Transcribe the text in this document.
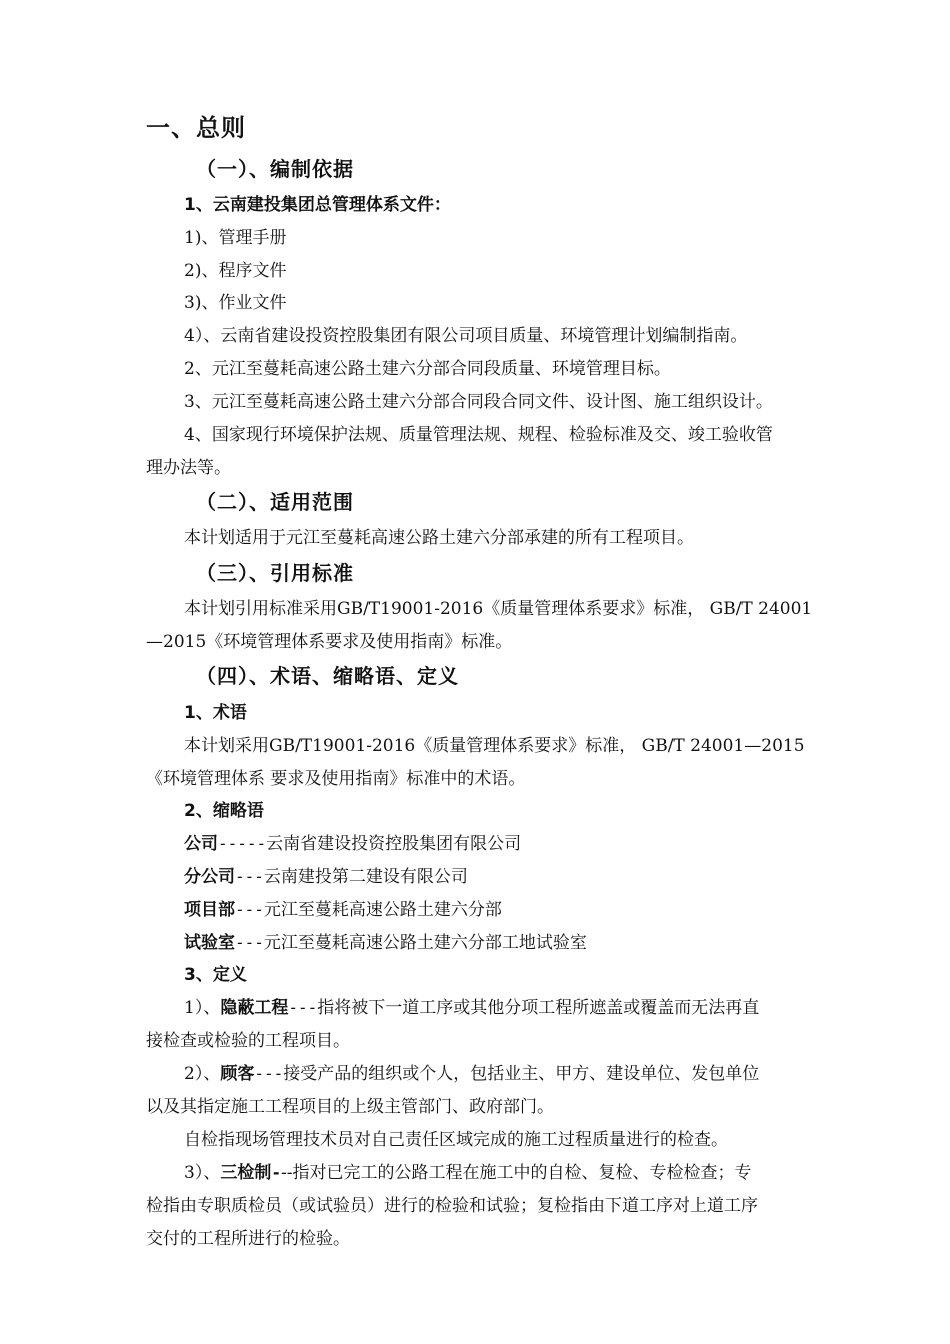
一、总则
（一）、编制依据
1、云南建投集团总管理体系文件：
1)、管理手册
2)、程序文件
3)、作业文件
4）、云南省建设投资控股集团有限公司项目质量、环境管理计划编制指南。
2、元江至蔓耗高速公路土建六分部合同段质量、环境管理目标。
3、元江至蔓耗高速公路土建六分部合同段合同文件、设计图、施工组织设计。
4、国家现行环境保护法规、质量管理法规、规程、检验标准及交、竣工验收管
理办法等。
（二）、适用范围
本计划适用于元江至蔓耗高速公路土建六分部承建的所有工程项目。
（三）、引用标准
本计划引用标准采用GB/T19001-2016《质量管理体系要求》标准， GB/T 24001
—2015《环境管理体系要求及使用指南》标准。
（四）、术语、缩略语、定义
1、术语
本计划采用GB/T19001-2016《质量管理体系要求》标准， GB/T 24001—2015
《环境管理体系 要求及使用指南》标准中的术语。
2、缩略语
公司-----云南省建设投资控股集团有限公司
分公司---云南建投第二建设有限公司
项目部---元江至蔓耗高速公路土建六分部
试验室---元江至蔓耗高速公路土建六分部工地试验室
3、定义
1）、隐蔽工程---指将被下一道工序或其他分项工程所遮盖或覆盖而无法再直
接检查或检验的工程项目。
2）、顾客---接受产品的组织或个人，包括业主、甲方、建设单位、发包单位
以及其指定施工工程项目的上级主管部门、政府部门。
自检指现场管理技术员对自己责任区域完成的施工过程质量进行的检查。
3）、三检制---指对已完工的公路工程在施工中的自检、复检、专检检查；专
检指由专职质检员（或试验员）进行的检验和试验；复检指由下道工序对上道工序
交付的工程所进行的检验。
